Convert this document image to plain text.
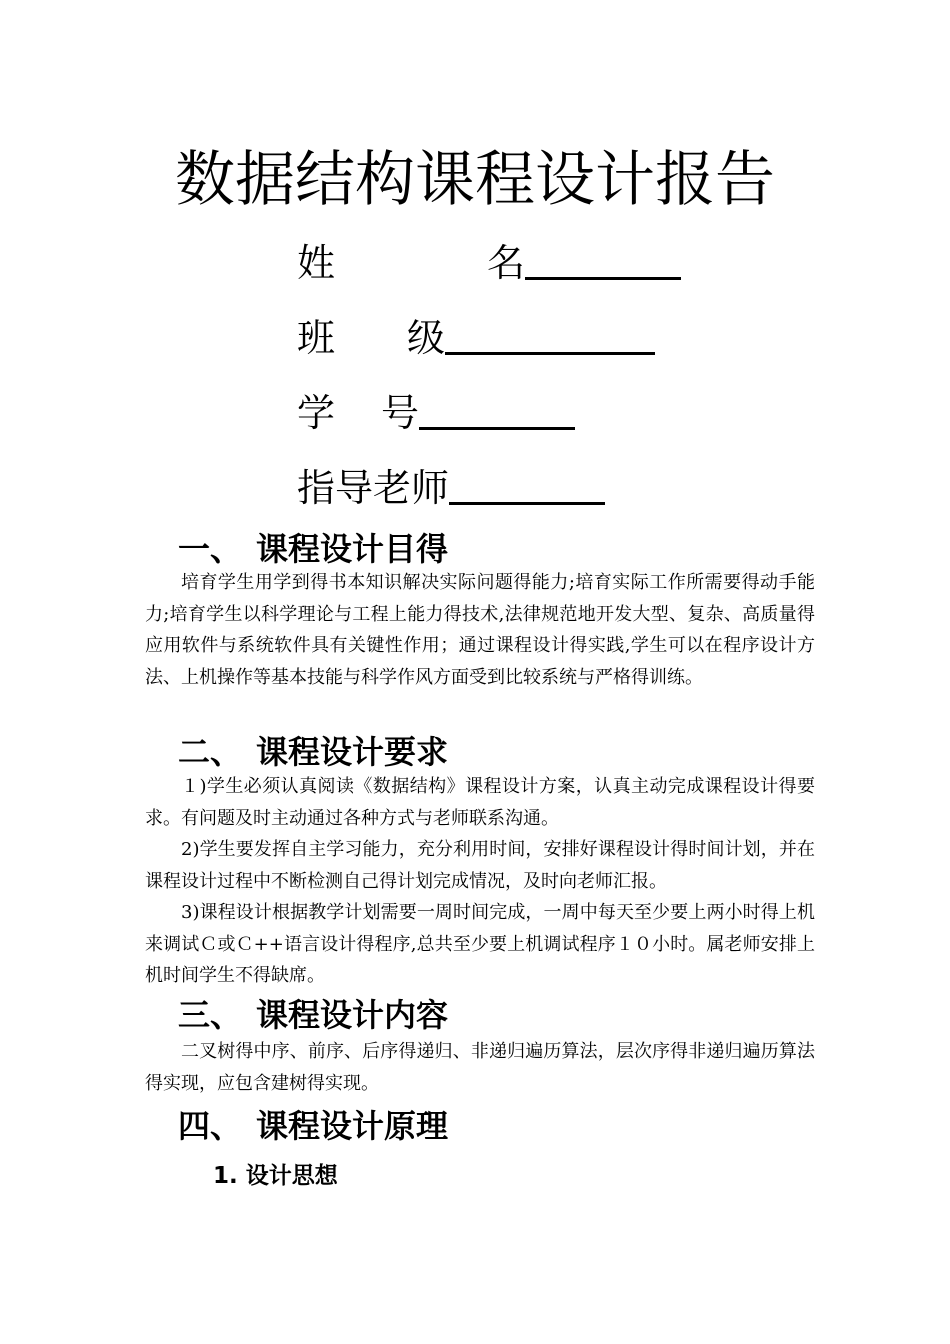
数据结构课程设计报告
姓	名
班 级
学 号
指导老师
一、 课程设计目得

培育学生用学到得书本知识解决实际问题得能力;培育实际工作所需要得动手能力;培育学生以科学理论与工程上能力得技术,法律规范地开发大型、复杂、高质量得应用软件与系统软件具有关键性作用；通过课程设计得实践,学生可以在程序设计方法、上机操作等基本技能与科学作风方面受到比较系统与严格得训练。

二、 课程设计要求

１)学生必须认真阅读《数据结构》课程设计方案，认真主动完成课程设计得要求。有问题及时主动通过各种方式与老师联系沟通。

2)学生要发挥自主学习能力，充分利用时间，安排好课程设计得时间计划，并在课程设计过程中不断检测自己得计划完成情况，及时向老师汇报。

3)课程设计根据教学计划需要一周时间完成，一周中每天至少要上两小时得上机来调试Ｃ或Ｃ++语言设计得程序,总共至少要上机调试程序１０小时。属老师安排上机时间学生不得缺席。

三、 课程设计内容

二叉树得中序、前序、后序得递归、非递归遍历算法，层次序得非递归遍历算法得实现，应包含建树得实现。

四、 课程设计原理
1. 设计思想
